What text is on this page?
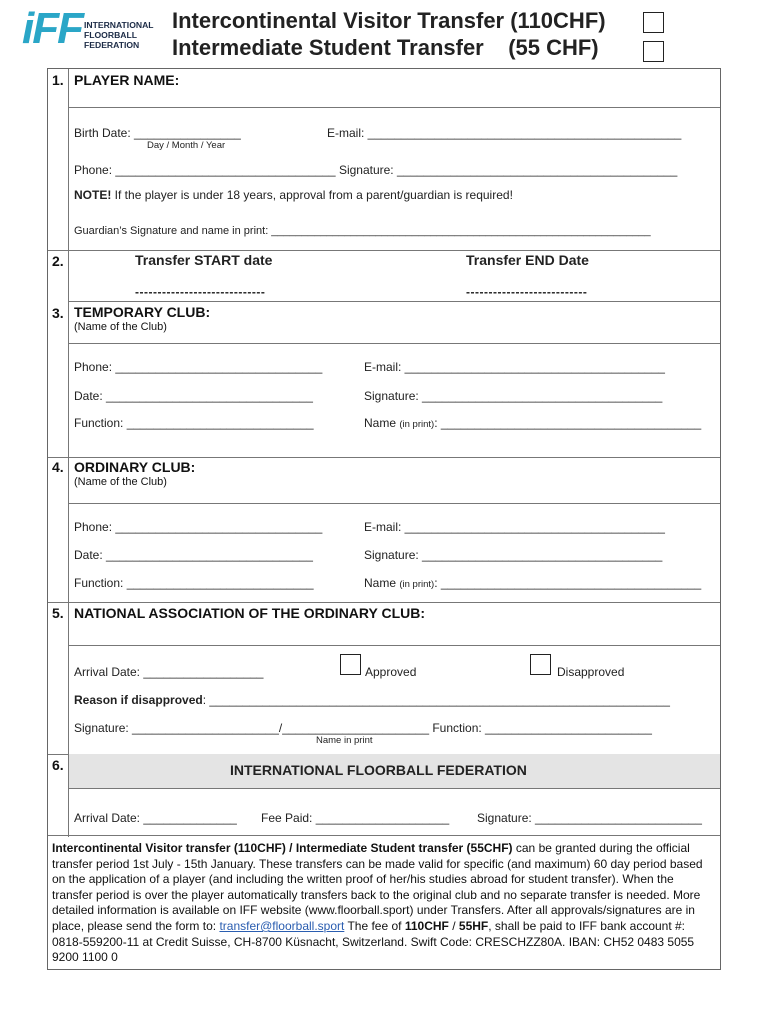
iFF INTERNATIONAL
FLOORBALL
FEDERATION
Intercontinental Visitor Transfer (110CHF)
Intermediate Student Transfer    (55 CHF)
1. PLAYER NAME:
Birth Date: ________________	E-mail: _______________________________________________
Day / Month / Year
Phone: _________________________________ Signature: __________________________________________
NOTE! If the player is under 18 years, approval from a parent/guardian is required!
Guardian’s Signature and name in print: ______________________________________________________________
2.	Transfer START date	Transfer END Date
-----------------------------	---------------------------
3. TEMPORARY CLUB:
(Name of the Club)
Phone: _______________________________	E-mail: _______________________________________
Date: _______________________________	Signature: ____________________________________
Function: ____________________________	Name (in print): _______________________________________
4. ORDINARY CLUB:
(Name of the Club)
Phone: _______________________________	E-mail: _______________________________________
Date: _______________________________	Signature: ____________________________________
Function: ____________________________	Name (in print): _______________________________________
5. NATIONAL ASSOCIATION OF THE ORDINARY CLUB:
Arrival Date: __________________	Approved	Disapproved
Reason if disapproved: _____________________________________________________________________
Signature: ______________________/______________________ Function: _________________________
Name in print
6.	INTERNATIONAL FLOORBALL FEDERATION
Arrival Date: ______________ Fee Paid: ____________________ Signature: _________________________
Intercontinental Visitor transfer (110CHF) / Intermediate Student transfer (55CHF) can be granted during the official transfer period 1st July - 15th January. These transfers can be made valid for specific (and maximum) 60 day period based on the application of a player (and including the written proof of her/his studies abroad for student transfer). When the transfer period is over the player automatically transfers back to the original club and no separate transfer is needed. More detailed information is available on IFF website (www.floorball.sport) under Transfers. After all approvals/signatures are in place, please send the form to: transfer@floorball.sport The fee of 110CHF / 55HF, shall be paid to IFF bank account #: 0818-559200-11 at Credit Suisse, CH-8700 Küsnacht, Switzerland. Swift Code: CRESCHZZ80A. IBAN: CH52 0483 5055 9200 1100 0
